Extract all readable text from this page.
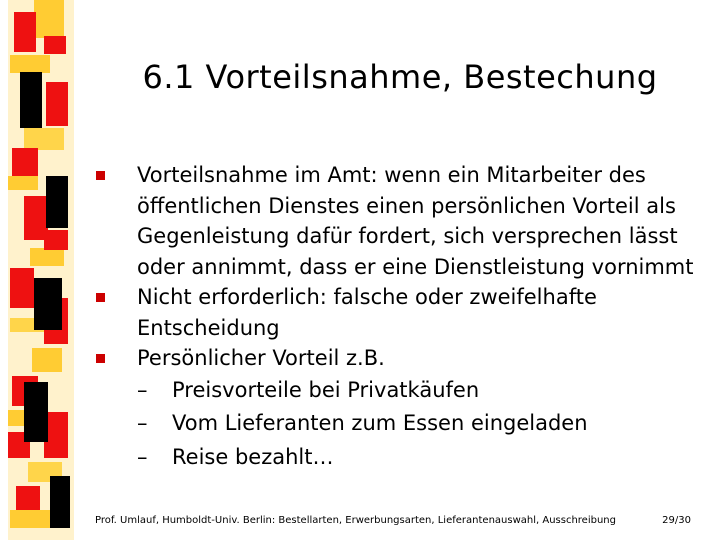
6.1 Vorteilsnahme, Bestechung
Vorteilsnahme im Amt: wenn ein Mitarbeiter des öffentlichen Dienstes einen persönlichen Vorteil als Gegenleistung dafür fordert, sich versprechen lässt oder annimmt, dass er eine Dienstleistung vornimmt
Nicht erforderlich: falsche oder zweifelhafte Entscheidung
Persönlicher Vorteil z.B.
– Preisvorteile bei Privatkäufen
– Vom Lieferanten zum Essen eingeladen
– Reise bezahlt…
Prof. Umlauf, Humboldt-Univ. Berlin: Bestellarten, Erwerbungsarten, Lieferantenauswahl, Ausschreibung	29/30
